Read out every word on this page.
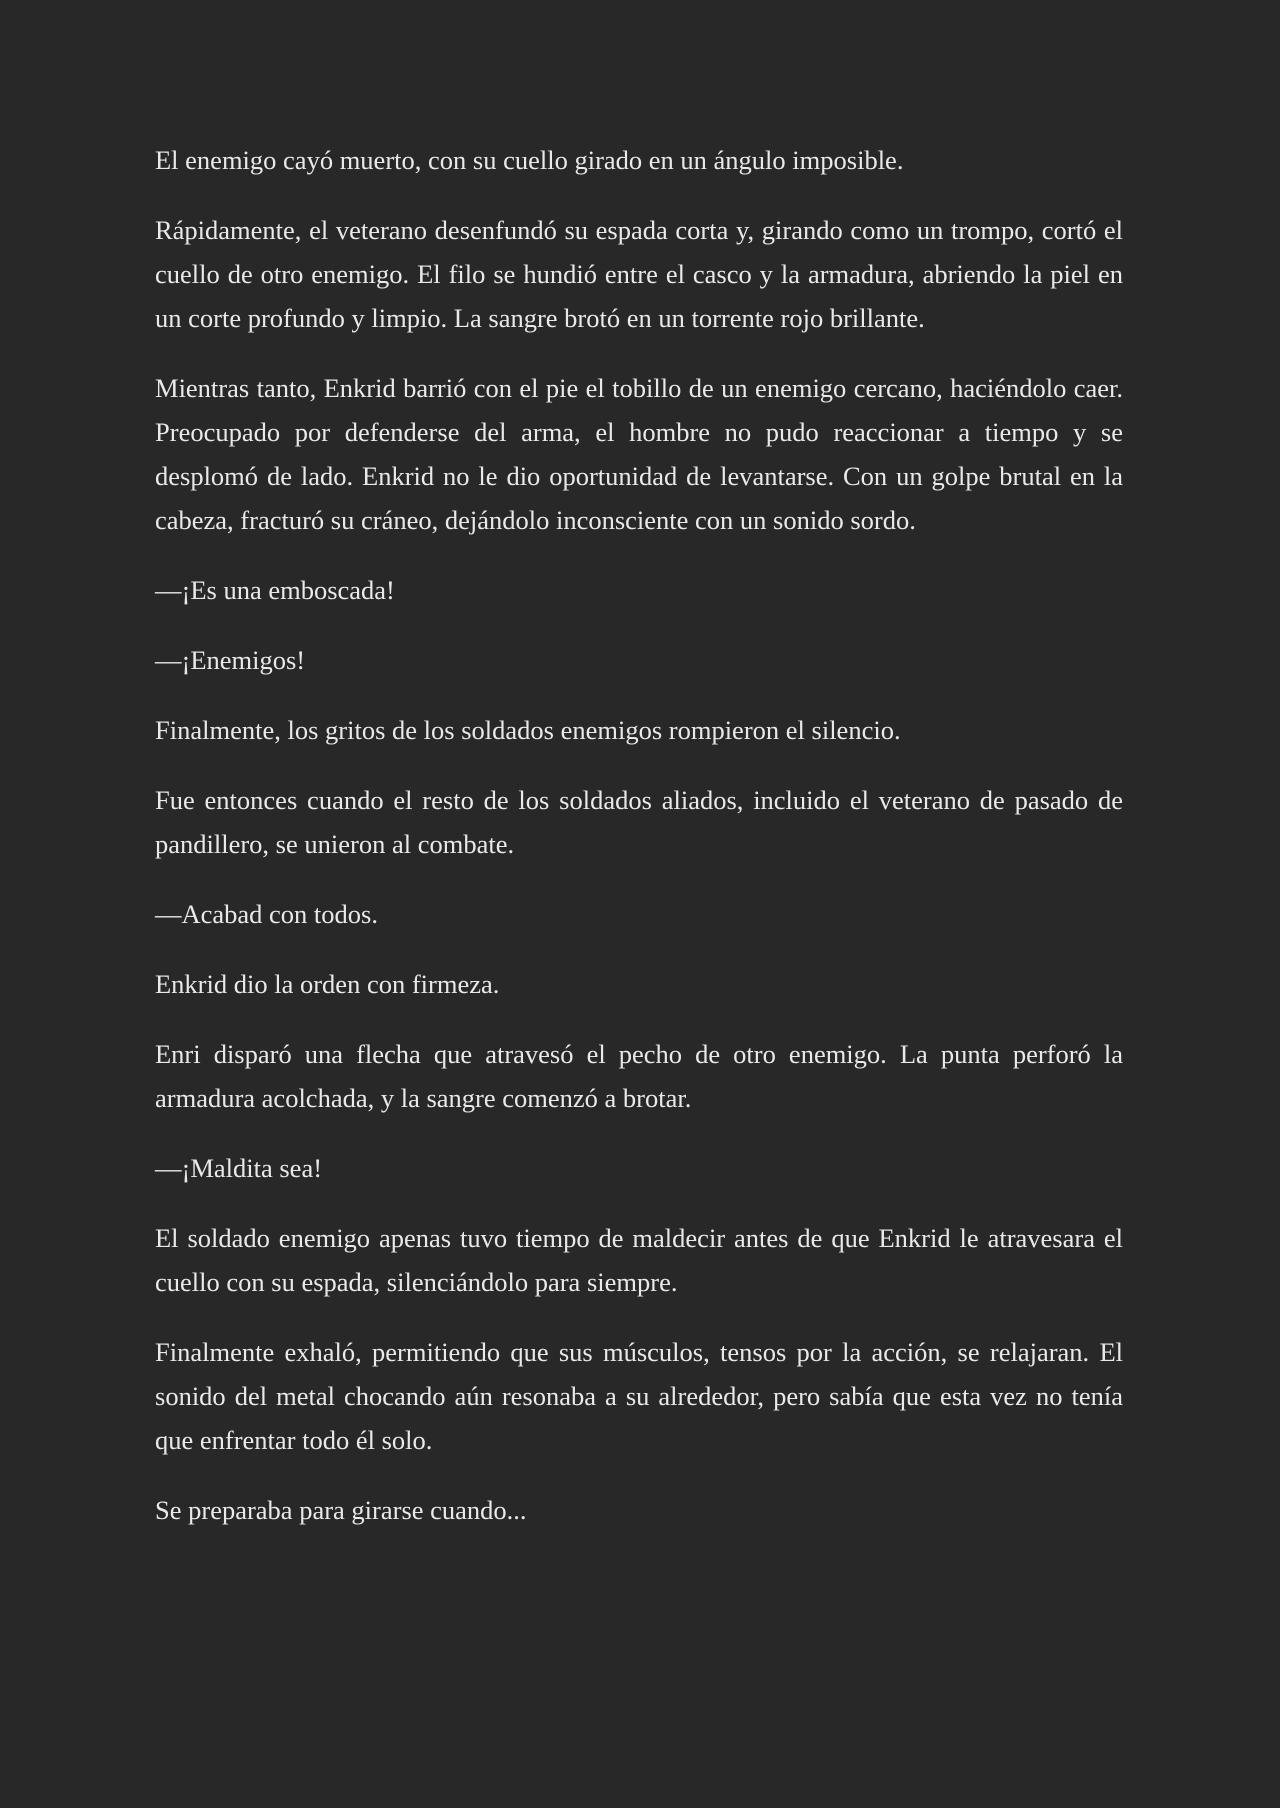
El enemigo cayó muerto, con su cuello girado en un ángulo imposible.

Rápidamente, el veterano desenfundó su espada corta y, girando como un trompo, cortó el cuello de otro enemigo. El filo se hundió entre el casco y la armadura, abriendo la piel en un corte profundo y limpio. La sangre brotó en un torrente rojo brillante.

Mientras tanto, Enkrid barrió con el pie el tobillo de un enemigo cercano, haciéndolo caer. Preocupado por defenderse del arma, el hombre no pudo reaccionar a tiempo y se desplomó de lado. Enkrid no le dio oportunidad de levantarse. Con un golpe brutal en la cabeza, fracturó su cráneo, dejándolo inconsciente con un sonido sordo.

—¡Es una emboscada!

—¡Enemigos!

Finalmente, los gritos de los soldados enemigos rompieron el silencio.

Fue entonces cuando el resto de los soldados aliados, incluido el veterano de pasado de pandillero, se unieron al combate.

—Acabad con todos.

Enkrid dio la orden con firmeza.

Enri disparó una flecha que atravesó el pecho de otro enemigo. La punta perforó la armadura acolchada, y la sangre comenzó a brotar.

—¡Maldita sea!

El soldado enemigo apenas tuvo tiempo de maldecir antes de que Enkrid le atravesara el cuello con su espada, silenciándolo para siempre.

Finalmente exhaló, permitiendo que sus músculos, tensos por la acción, se relajaran. El sonido del metal chocando aún resonaba a su alrededor, pero sabía que esta vez no tenía que enfrentar todo él solo.

Se preparaba para girarse cuando...
